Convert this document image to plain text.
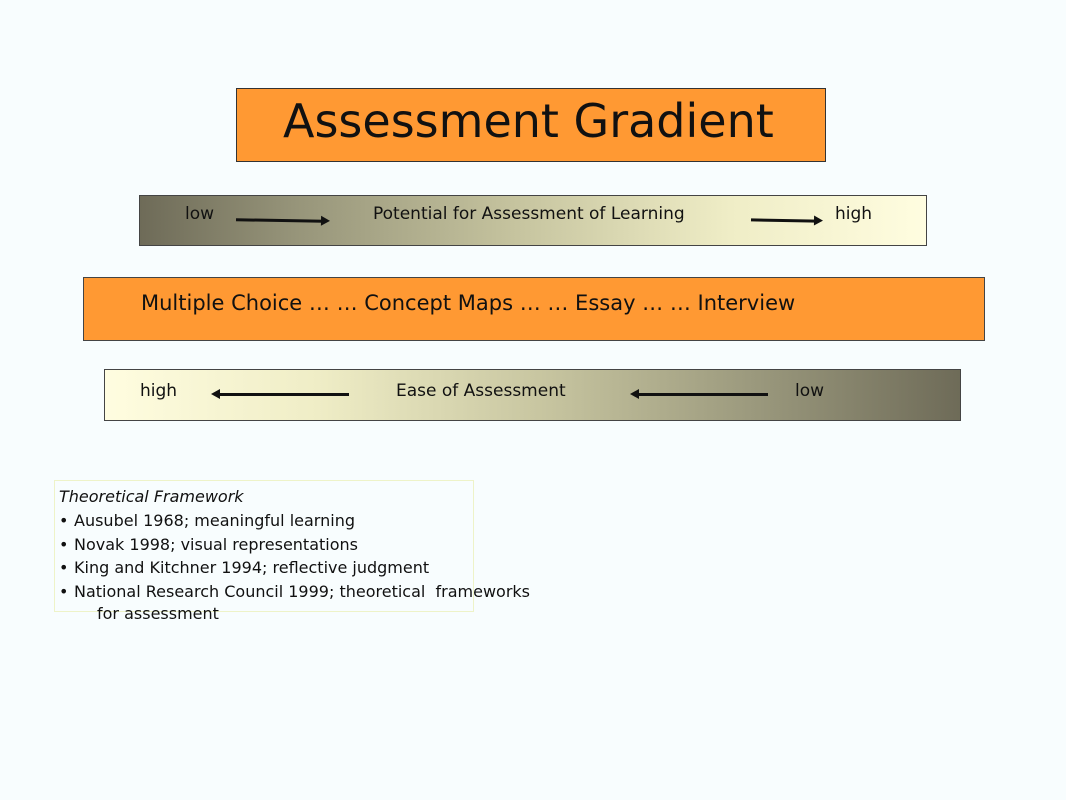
Assessment Gradient
low	Potential for Assessment of Learning	high
Multiple Choice … … Concept Maps … … Essay … … Interview
high	Ease of Assessment	low
Theoretical Framework
• Ausubel 1968; meaningful learning
• Novak 1998; visual representations
• King and Kitchner 1994; reflective judgment
• National Research Council 1999; theoretical  frameworks
for assessment
